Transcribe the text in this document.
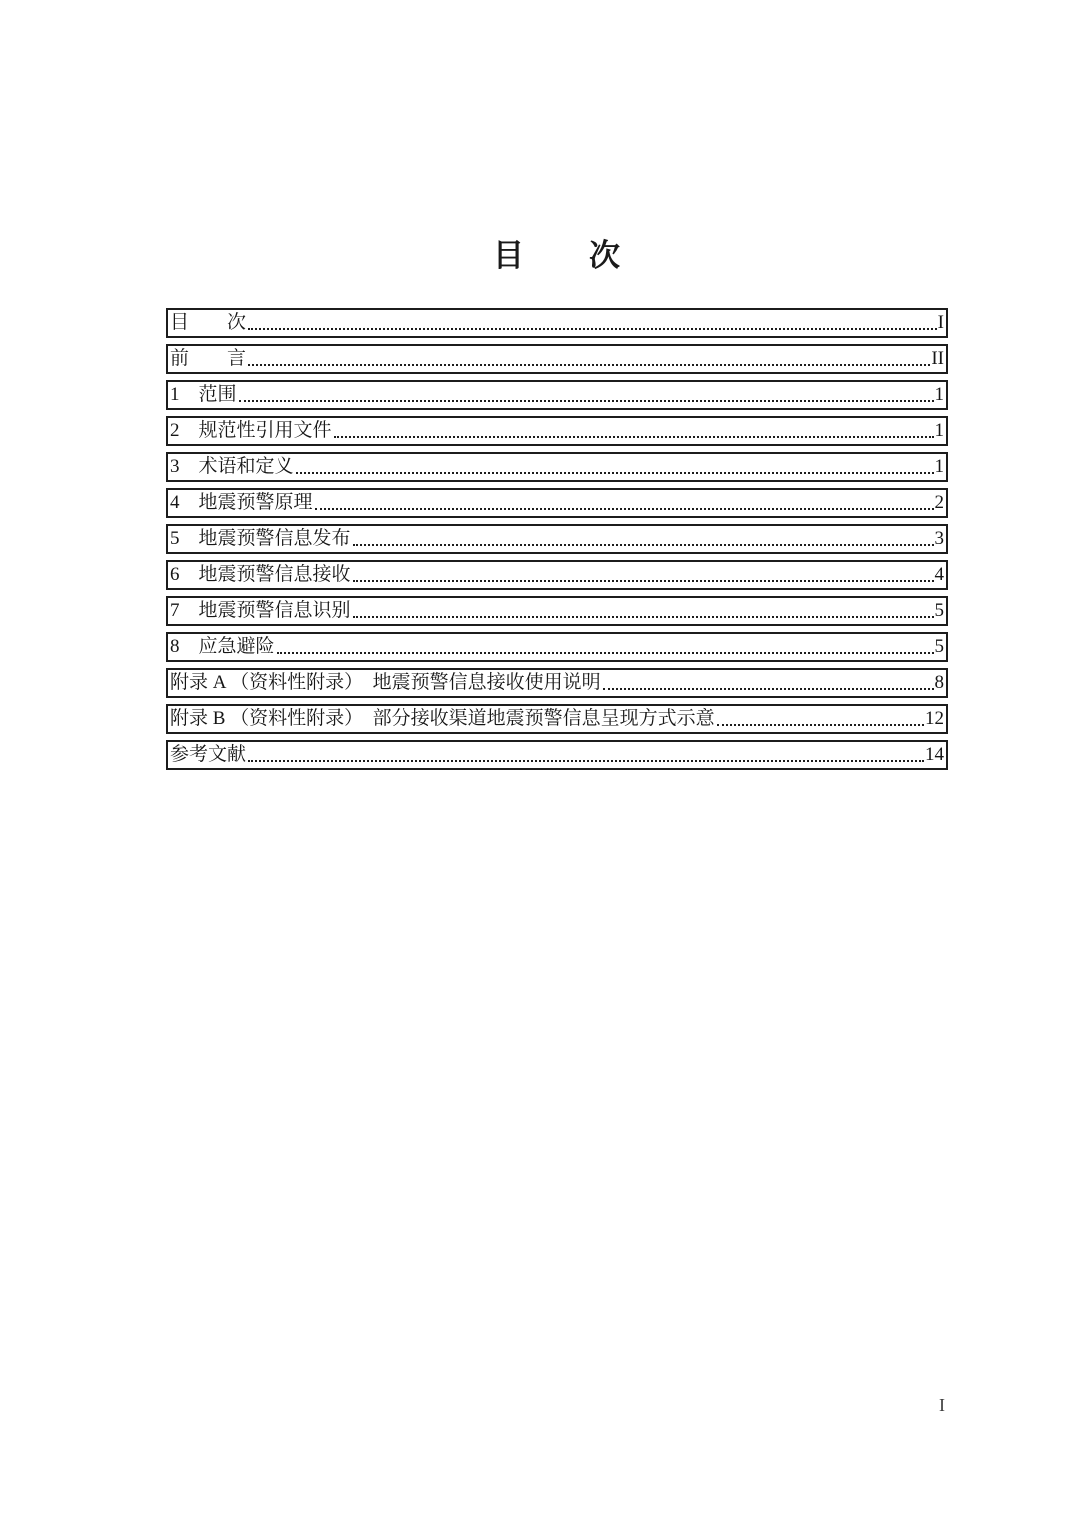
目　　次
目　　次	I
前　　言	II
1　范围	1
2　规范性引用文件	1
3　术语和定义	1
4　地震预警原理	2
5　地震预警信息发布	3
6　地震预警信息接收	4
7　地震预警信息识别	5
8　应急避险	5
附录 A （资料性附录）　地震预警信息接收使用说明	8
附录 B （资料性附录）　部分接收渠道地震预警信息呈现方式示意	12
参考文献	14
I
